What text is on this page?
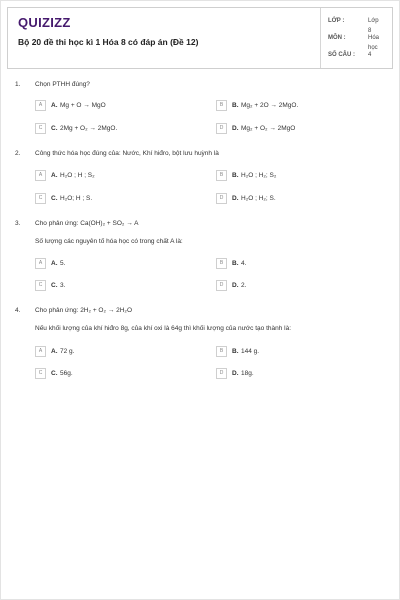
QUIZIZZ
Bộ 20 đề thi học kì 1 Hóa 8 có đáp án (Đề 12)
LỚP :	Lớp 8
MÔN :	Hóa học
SỐ CÂU : 4
1. Chọn PTHH đúng?
A	A. Mg + O → MgO	B	B. Mg₂ + 2O → 2MgO.
C	C. 2Mg + O₂ → 2MgO.	D	D. Mg₂ + O₂ → 2MgO
2. Công thức hóa học đúng của: Nước, Khí hiđro, bột lưu huỳnh là
A	A. H₂O ; H ; S₂	B	B. H₂O ; H₂; S₂
C	C. H₂O; H ; S.	D	D. H₂O ; H₂; S.
3. Cho phản ứng: Ca(OH)₂ + SO₂ → A
Số lượng các nguyên tố hóa học có trong chất A là:
A	A. 5.	B	B. 4.
C	C. 3.	D	D. 2.
4. Cho phản ứng: 2H₂ + O₂ → 2H₂O
Nếu khối lượng của khí hiđro 8g, của khí oxi là 64g thì khối lượng của nước tạo thành là:
A	A. 72 g.	B	B. 144 g.
C	C. 56g.	D	D. 18g.
